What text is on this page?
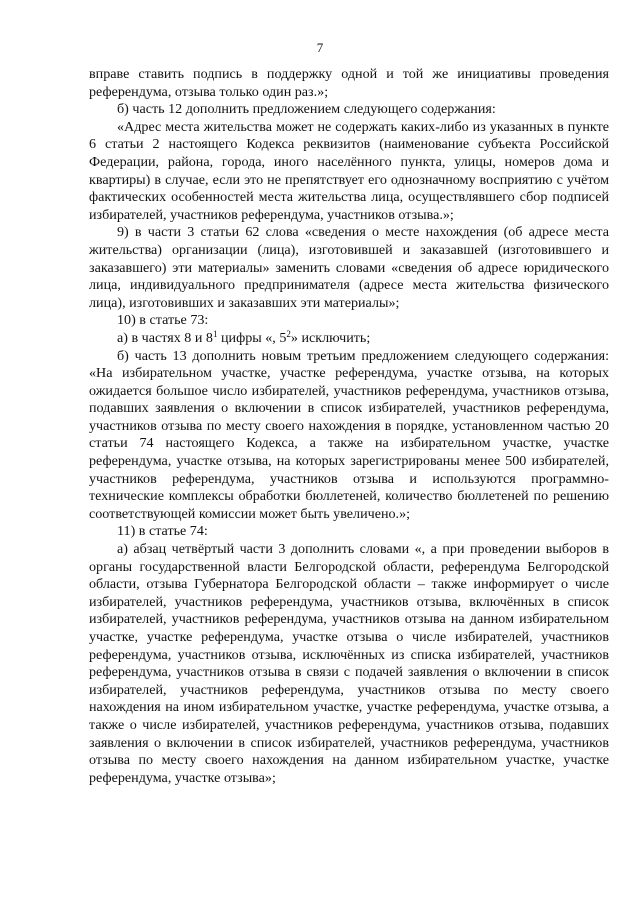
7

вправе ставить подпись в поддержку одной и той же инициативы проведения референдума, отзыва только один раз.»;

б) часть 12 дополнить предложением следующего содержания:

«Адрес места жительства может не содержать каких-либо из указанных в пункте 6 статьи 2 настоящего Кодекса реквизитов (наименование субъекта Российской Федерации, района, города, иного населённого пункта, улицы, номеров дома и квартиры) в случае, если это не препятствует его однозначному восприятию с учётом фактических особенностей места жительства лица, осуществлявшего сбор подписей избирателей, участников референдума, участников отзыва.»;

9) в части 3 статьи 62 слова «сведения о месте нахождения (об адресе места жительства) организации (лица), изготовившей и заказавшей (изготовившего и заказавшего) эти материалы» заменить словами «сведения об адресе юридического лица, индивидуального предпринимателя (адресе места жительства физического лица), изготовивших и заказавших эти материалы»;

10) в статье 73:

а) в частях 8 и $8^1$ цифры «, $5^2$» исключить;

б) часть 13 дополнить новым третьим предложением следующего содержания: «На избирательном участке, участке референдума, участке отзыва, на которых ожидается большое число избирателей, участников референдума, участников отзыва, подавших заявления о включении в список избирателей, участников референдума, участников отзыва по месту своего нахождения в порядке, установленном частью 20 статьи 74 настоящего Кодекса, а также на избирательном участке, участке референдума, участке отзыва, на которых зарегистрированы менее 500 избирателей, участников референдума, участников отзыва и используются программно-технические комплексы обработки бюллетеней, количество бюллетеней по решению соответствующей комиссии может быть увеличено.»;

11) в статье 74:

а) абзац четвёртый части 3 дополнить словами «, а при проведении выборов в органы государственной власти Белгородской области, референдума Белгородской области, отзыва Губернатора Белгородской области – также информирует о числе избирателей, участников референдума, участников отзыва, включённых в список избирателей, участников референдума, участников отзыва на данном избирательном участке, участке референдума, участке отзыва о числе избирателей, участников референдума, участников отзыва, исключённых из списка избирателей, участников референдума, участников отзыва в связи с подачей заявления о включении в список избирателей, участников референдума, участников отзыва по месту своего нахождения на ином избирательном участке, участке референдума, участке отзыва, а также о числе избирателей, участников референдума, участников отзыва, подавших заявления о включении в список избирателей, участников референдума, участников отзыва по месту своего нахождения на данном избирательном участке, участке референдума, участке отзыва»;
